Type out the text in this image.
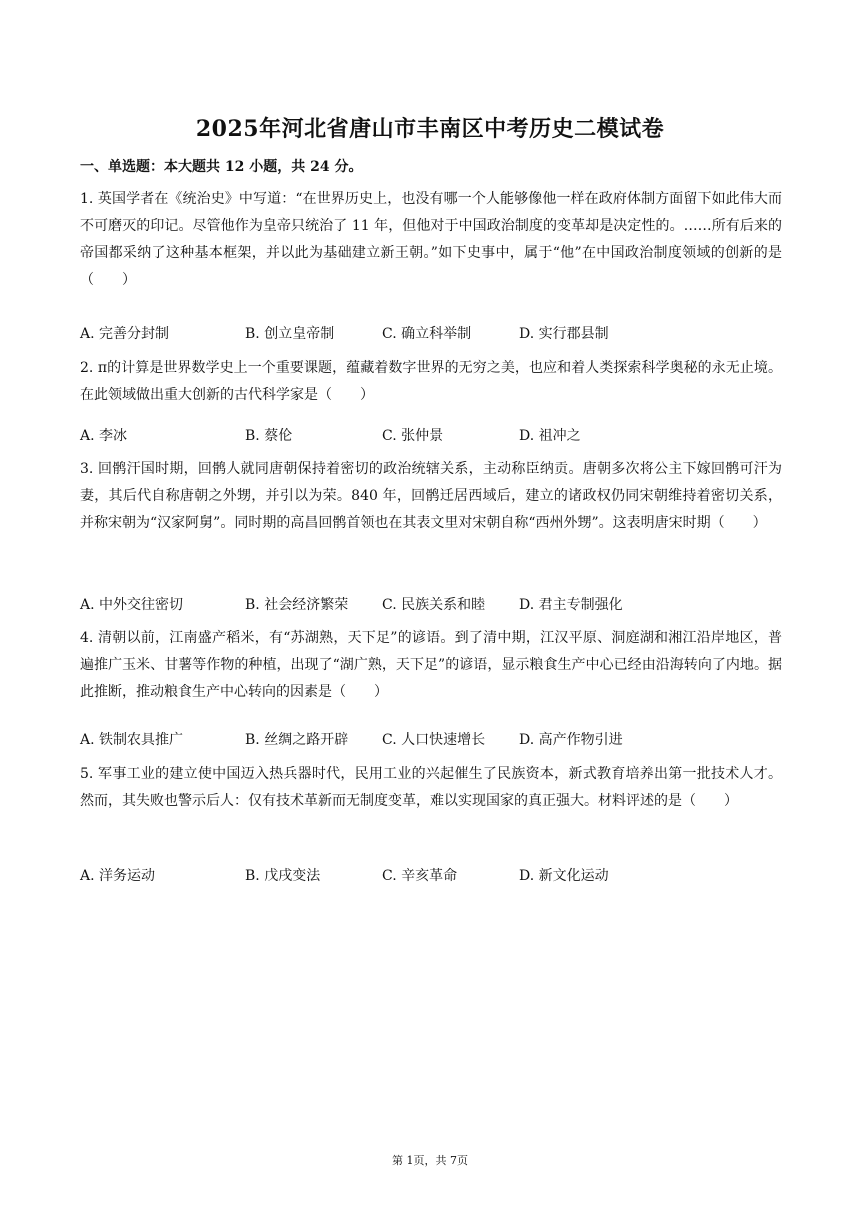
2025年河北省唐山市丰南区中考历史二模试卷

一、单选题：本大题共 12 小题，共 24 分。

1. 英国学者在《统治史》中写道：“在世界历史上，也没有哪一个人能够像他一样在政府体制方面留下如此伟大而不可磨灭的印记。尽管他作为皇帝只统治了 11 年，但他对于中国政治制度的变革却是决定性的。……所有后来的帝国都采纳了这种基本框架，并以此为基础建立新王朝。”如下史事中，属于“他”在中国政治制度领域的创新的是（　　）

A. 完善分封制	B. 创立皇帝制	C. 确立科举制	D. 实行郡县制

2. π的计算是世界数学史上一个重要课题，蕴藏着数字世界的无穷之美，也应和着人类探索科学奥秘的永无止境。在此领域做出重大创新的古代科学家是（　　）

A. 李冰	B. 蔡伦	C. 张仲景	D. 祖冲之

3. 回鹘汗国时期，回鹘人就同唐朝保持着密切的政治统辖关系，主动称臣纳贡。唐朝多次将公主下嫁回鹘可汗为妻，其后代自称唐朝之外甥，并引以为荣。840 年，回鹘迁居西域后，建立的诸政权仍同宋朝维持着密切关系，并称宋朝为“汉家阿舅”。同时期的高昌回鹘首领也在其表文里对宋朝自称“西州外甥”。这表明唐宋时期（　　）

A. 中外交往密切	B. 社会经济繁荣 C. 民族关系和睦 D. 君主专制强化

4. 清朝以前，江南盛产稻米，有“苏湖熟，天下足”的谚语。到了清中期，江汉平原、洞庭湖和湘江沿岸地区，普遍推广玉米、甘薯等作物的种植，出现了“湖广熟，天下足”的谚语，显示粮食生产中心已经由沿海转向了内地。据此推断，推动粮食生产中心转向的因素是（　　）

A. 铁制农具推广	B. 丝绸之路开辟 C. 人口快速增长 D. 高产作物引进

5. 军事工业的建立使中国迈入热兵器时代，民用工业的兴起催生了民族资本，新式教育培养出第一批技术人才。然而，其失败也警示后人：仅有技术革新而无制度变革，难以实现国家的真正强大。材料评述的是（　　）

A. 洋务运动	B. 戊戌变法	C. 辛亥革命	D. 新文化运动
第 1页，共 7页
